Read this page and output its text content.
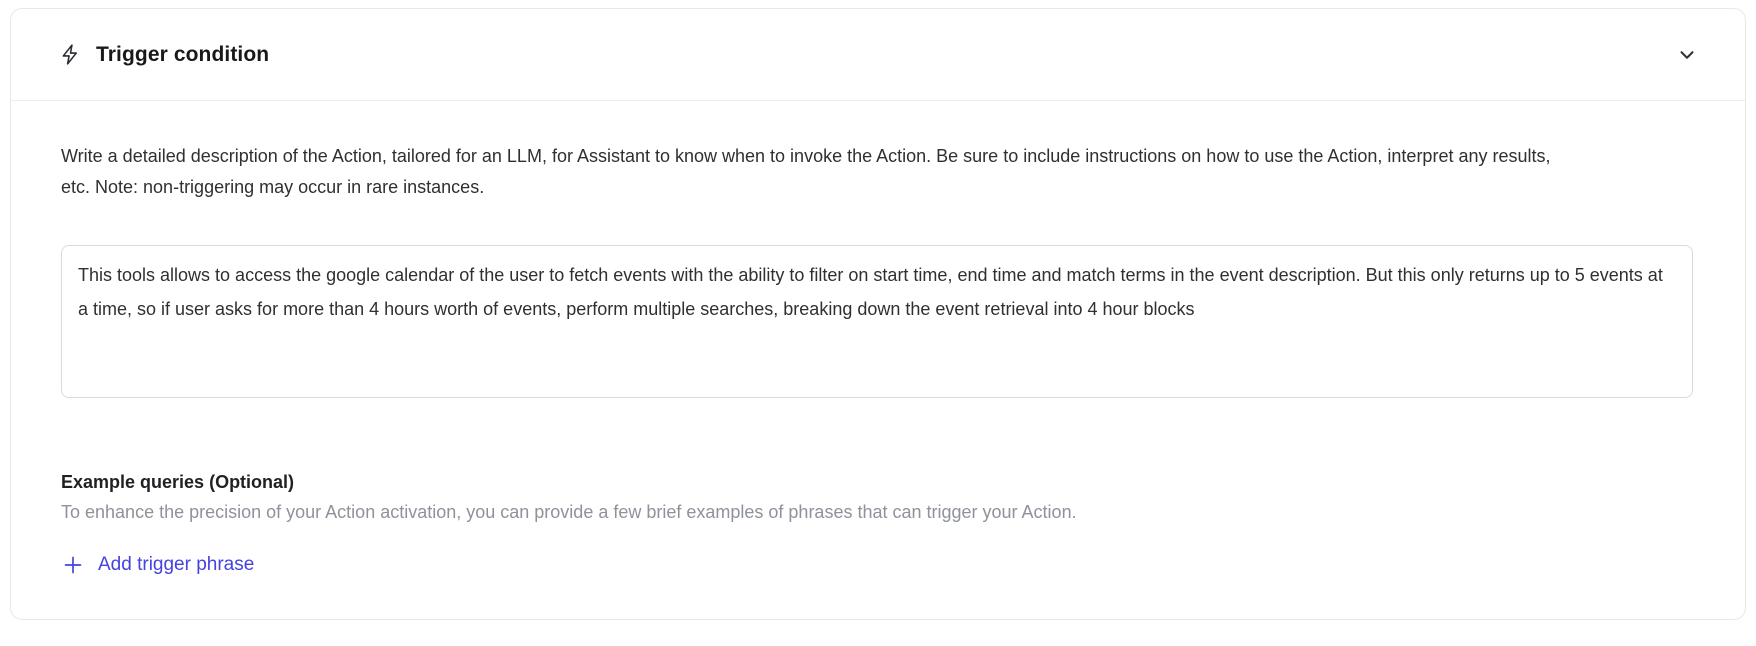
Trigger condition

Write a detailed description of the Action, tailored for an LLM, for Assistant to know when to invoke the Action. Be sure to include instructions on how to use the Action, interpret any results, etc. Note: non-triggering may occur in rare instances.

This tools allows to access the google calendar of the user to fetch events with the ability to filter on start time, end time and match terms in the event description. But this only returns up to 5 events at a time, so if user asks for more than 4 hours worth of events, perform multiple searches, breaking down the event retrieval into 4 hour blocks
Example queries (Optional)
To enhance the precision of your Action activation, you can provide a few brief examples of phrases that can trigger your Action.
Add trigger phrase
